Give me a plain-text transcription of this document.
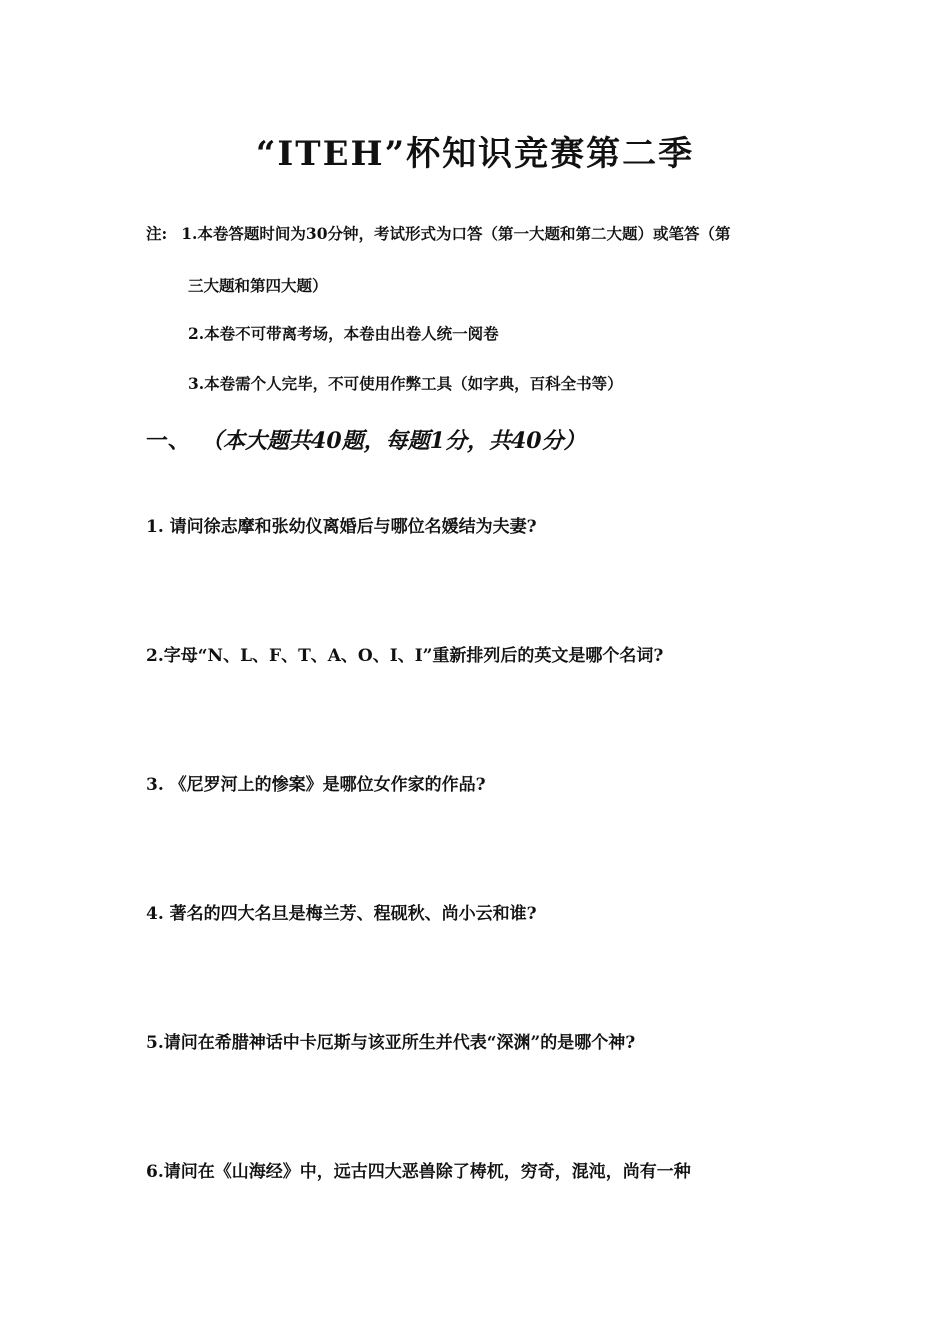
“ITEH”杯知识竞赛第二季
注: 1.本卷答题时间为30分钟，考试形式为口答（第一大题和第二大题）或笔答（第
三大题和第四大题）
2.本卷不可带离考场，本卷由出卷人统一阅卷
3.本卷需个人完毕，不可使用作弊工具（如字典，百科全书等）
一、 （本大题共40题，每题1分，共40分）
1. 请问徐志摩和张幼仪离婚后与哪位名媛结为夫妻?
2.字母“N、L、F、T、A、O、I、I”重新排列后的英文是哪个名词?
3. 《尼罗河上的惨案》是哪位女作家的作品?
4. 著名的四大名旦是梅兰芳、程砚秋、尚小云和谁?
5.请问在希腊神话中卡厄斯与该亚所生并代表“深渊”的是哪个神?
6.请问在《山海经》中，远古四大恶兽除了梼杌，穷奇，混沌，尚有一种
